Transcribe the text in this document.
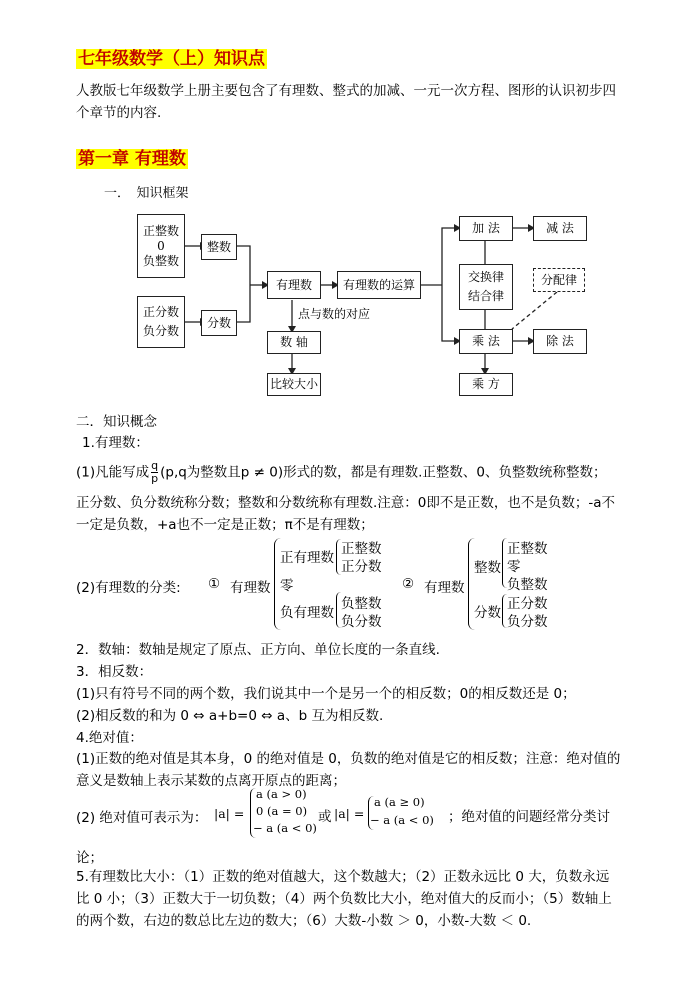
七年级数学（上）知识点
人教版七年级数学上册主要包含了有理数、整式的加减、一元一次方程、图形的认识初步四个章节的内容.
第一章 有理数
一．　知识框架
正整数
0
负整数
整数
正分数
负分数
分数
有理数	有理数的运算
点与数的对应
数 轴
比较大小
加 法	减 法
交换律
结合律
分配律
乘 法	除 法
乘 方
二．知识概念
1.有理数：
(1)凡能写成 $\frac{q}{p} (p,q$为整数且p ≠ 0)形式的数，都是有理数.正整数、0、负整数统称整数；
正分数、负分数统称分数；整数和分数统称有理数.注意：0即不是正数，也不是负数；-a不一定是负数，+a也不一定是正数；π不是有理数；
(2)有理数的分类: ① 有理数
正有理数
正整数
正分数
零
负有理数
负整数
负分数
② 有理数
整数
正整数
零
负整数
分数
正分数
负分数
2．数轴：数轴是规定了原点、正方向、单位长度的一条直线.
3．相反数：
(1)只有符号不同的两个数，我们说其中一个是另一个的相反数；0的相反数还是 0；
(2)相反数的和为 0 ⇔ a+b=0 ⇔ a、b 互为相反数.
4.绝对值：
(1)正数的绝对值是其本身，0 的绝对值是 0，负数的绝对值是它的相反数；注意：绝对值的意义是数轴上表示某数的点离开原点的距离；
(2) 绝对值可表示为： |a| =
a (a > 0)
0 (a = 0)
− a (a < 0)
或 |a| =
a (a ≥ 0)
− a (a < 0) ；绝对值的问题经常分类讨
论；
5.有理数比大小：（1）正数的绝对值越大，这个数越大；（2）正数永远比 0 大，负数永远比 0 小；（3）正数大于一切负数；（4）两个负数比大小，绝对值大的反而小；（5）数轴上的两个数，右边的数总比左边的数大；（6）大数-小数 ＞ 0，小数-大数 ＜ 0.
